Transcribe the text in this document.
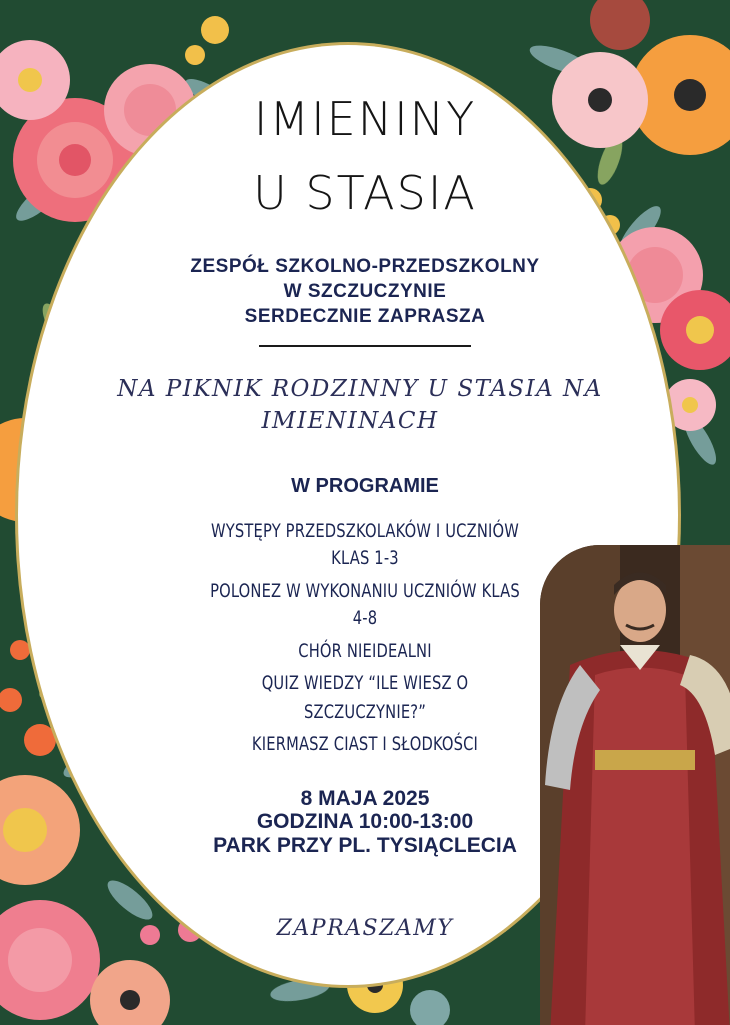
IMIENINY
U STASIA
ZESPÓŁ SZKOLNO-PRZEDSZKOLNY
W SZCZUCZYNIE
SERDECZNIE ZAPRASZA
NA PIKNIK RODZINNY U STASIA NA
IMIENINACH
W PROGRAMIE
WYSTĘPY PRZEDSZKOLAKÓW I UCZNIÓW
KLAS 1-3
POLONEZ W WYKONANIU UCZNIÓW KLAS
4-8
CHÓR NIEIDEALNI
QUIZ WIEDZY “ILE WIESZ O
SZCZUCZYNIE?”
KIERMASZ CIAST I SŁODKOŚCI
8 MAJA 2025
GODZINA 10:00-13:00
PARK PRZY PL. TYSIĄCLECIA
ZAPRASZAMY
